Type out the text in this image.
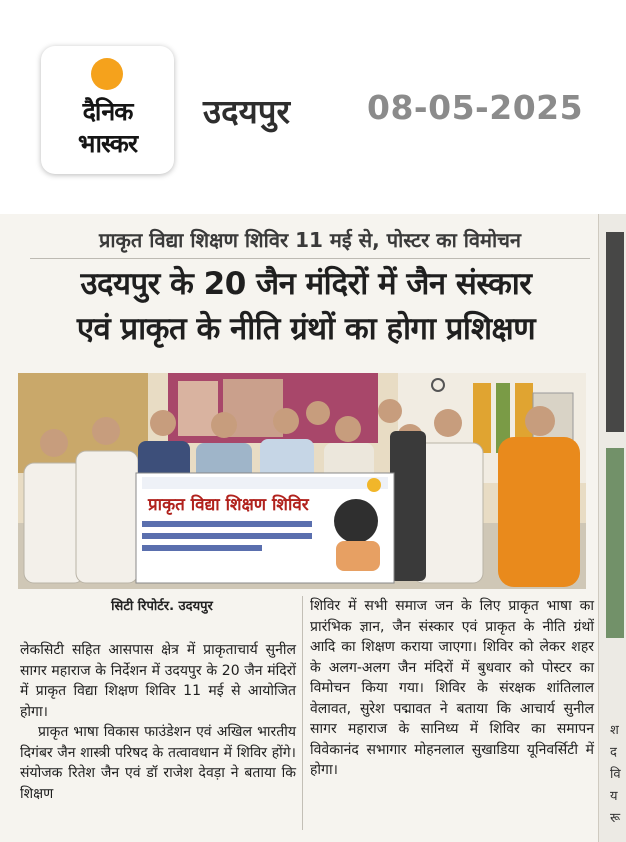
दैनिक
भास्कर
उदयपुर 08-05-2025
प्राकृत विद्या शिक्षण शिविर 11 मई से, पोस्टर का विमोचन
उदयपुर के 20 जैन मंदिरों में जैन संस्कार
एवं प्राकृत के नीति ग्रंथों का होगा प्रशिक्षण
प्राकृत विद्या शिक्षण शिविर
सिटी रिपोर्टर. उदयपुर

लेकसिटी सहित आसपास क्षेत्र में प्राकृताचार्य सुनील सागर महाराज के निर्देशन में उदयपुर के 20 जैन मंदिरों में प्राकृत विद्या शिक्षण शिविर 11 मई से आयोजित होगा।

प्राकृत भाषा विकास फाउंडेशन एवं अखिल भारतीय दिगंबर जैन शास्त्री परिषद के तत्वावधान में शिविर होंगे। संयोजक रितेश जैन एवं डॉ राजेश देवड़ा ने बताया कि शिक्षण

शिविर में सभी समाज जन के लिए प्राकृत भाषा का प्रारंभिक ज्ञान, जैन संस्कार एवं प्राकृत के नीति ग्रंथों आदि का शिक्षण कराया जाएगा। शिविर को लेकर शहर के अलग-अलग जैन मंदिरों में बुधवार को पोस्टर का विमोचन किया गया। शिविर के संरक्षक शांतिलाल वेलावत, सुरेश पद्मावत ने बताया कि आचार्य सुनील सागर महाराज के सानिध्य में शिविर का समापन विवेकानंद सभागार मोहनलाल सुखाडिया यूनिवर्सिटी में होगा।

श
द
वि
य
रू
